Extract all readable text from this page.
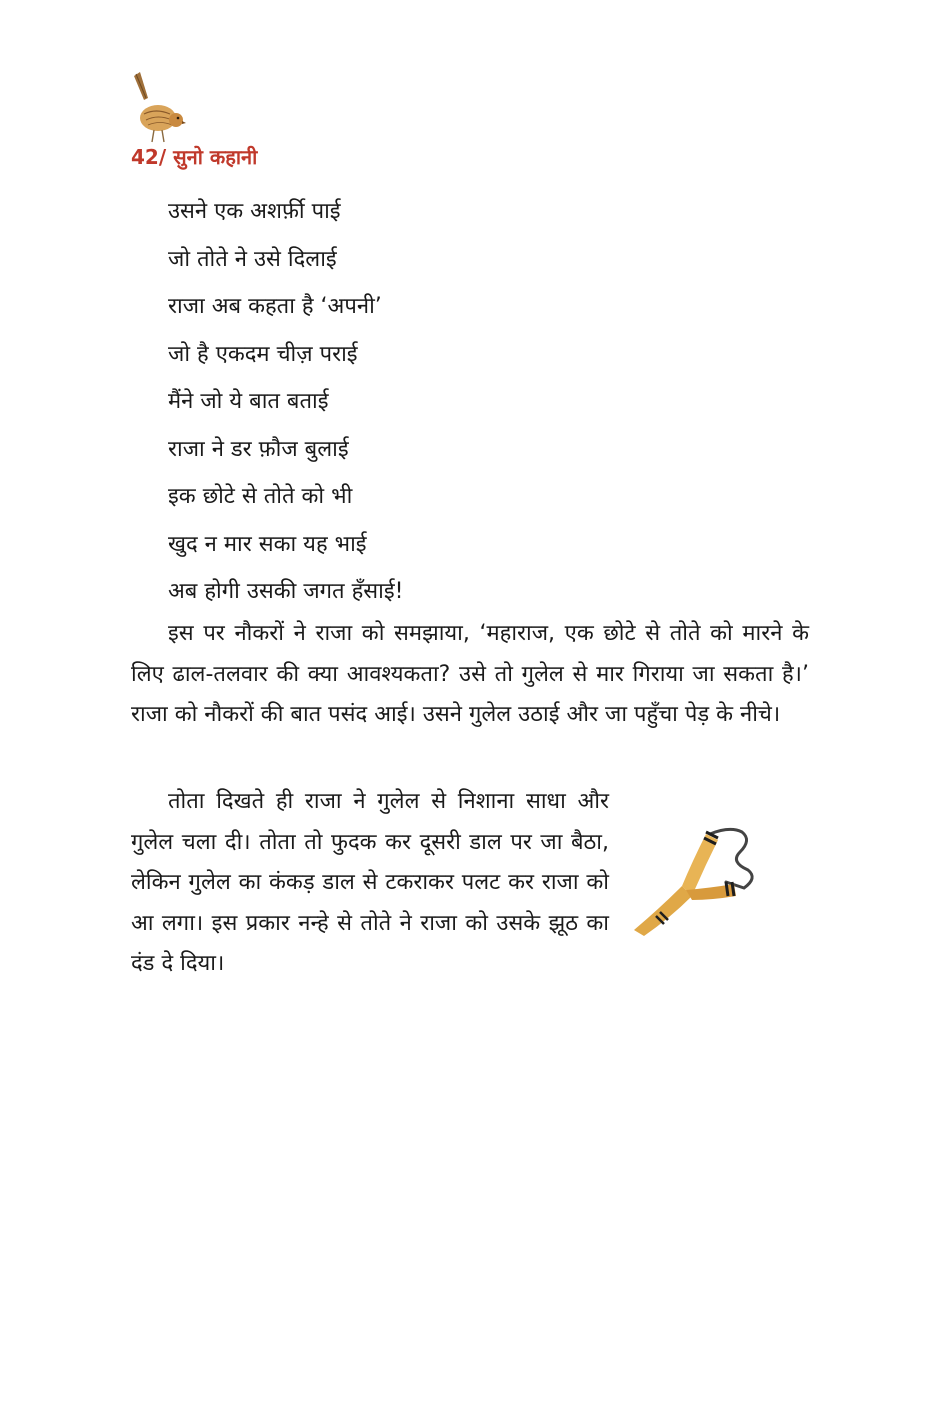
42/ सुनो कहानी
उसने एक अशर्फ़ी पाई
जो तोते ने उसे दिलाई
राजा अब कहता है ‘अपनी’
जो है एकदम चीज़ पराई
मैंने जो ये बात बताई
राजा ने डर फ़ौज बुलाई
इक छोटे से तोते को भी
खुद न मार सका यह भाई
अब होगी उसकी जगत हँसाई!

इस पर नौकरों ने राजा को समझाया, ‘महाराज, एक छोटे से तोते को मारने के लिए ढाल-तलवार की क्या आवश्यकता? उसे तो गुलेल से मार गिराया जा सकता है।’ राजा को नौकरों की बात पसंद आई। उसने गुलेल उठाई और जा पहुँचा पेड़ के नीचे।

तोता दिखते ही राजा ने गुलेल से निशाना साधा और गुलेल चला दी। तोता तो फुदक कर दूसरी डाल पर जा बैठा, लेकिन गुलेल का कंकड़ डाल से टकराकर पलट कर राजा को आ लगा। इस प्रकार नन्हे से तोते ने राजा को उसके झूठ का दंड दे दिया।
